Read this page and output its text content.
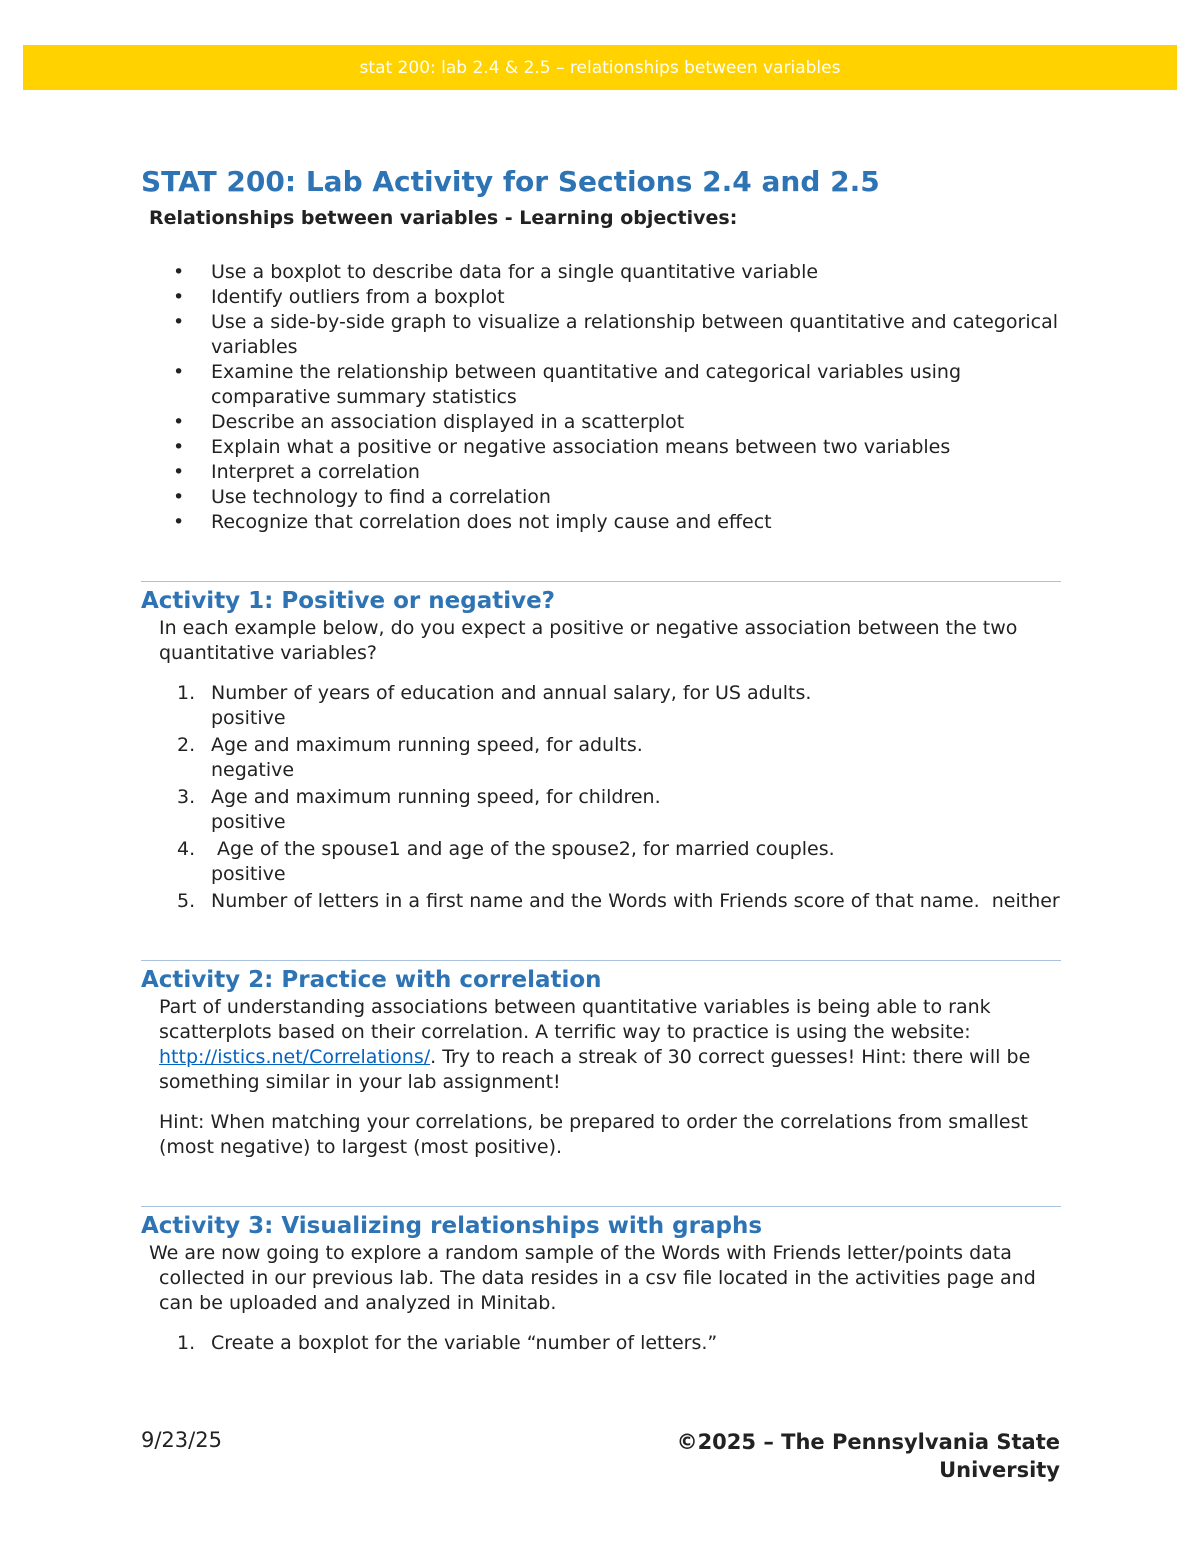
stat 200: lab 2.4 & 2.5 – relationships between variables
STAT 200: Lab Activity for Sections 2.4 and 2.5

Relationships between variables - Learning objectives:

• Use a boxplot to describe data for a single quantitative variable
• Identify outliers from a boxplot
• Use a side-by-side graph to visualize a relationship between quantitative and categorical variables
• Examine the relationship between quantitative and categorical variables using comparative summary statistics
• Describe an association displayed in a scatterplot
• Explain what a positive or negative association means between two variables
• Interpret a correlation
• Use technology to find a correlation
• Recognize that correlation does not imply cause and effect
Activity 1: Positive or negative?

In each example below, do you expect a positive or negative association between the two quantitative variables?

1. Number of years of education and annual salary, for US adults.
positive
2. Age and maximum running speed, for adults.
negative
3. Age and maximum running speed, for children.
positive
4. Age of the spouse1 and age of the spouse2, for married couples.
positive
5. Number of letters in a first name and the Words with Friends score of that name.  neither
Activity 2: Practice with correlation

Part of understanding associations between quantitative variables is being able to rank scatterplots based on their correlation. A terrific way to practice is using the website: http://istics.net/Correlations/. Try to reach a streak of 30 correct guesses! Hint: there will be something similar in your lab assignment!

Hint: When matching your correlations, be prepared to order the correlations from smallest (most negative) to largest (most positive).

Activity 3: Visualizing relationships with graphs

We are now going to explore a random sample of the Words with Friends letter/points data collected in our previous lab. The data resides in a csv file located in the activities page and can be uploaded and analyzed in Minitab.

1. Create a boxplot for the variable “number of letters.”
9/23/25	©2025 – The Pennsylvania State University
